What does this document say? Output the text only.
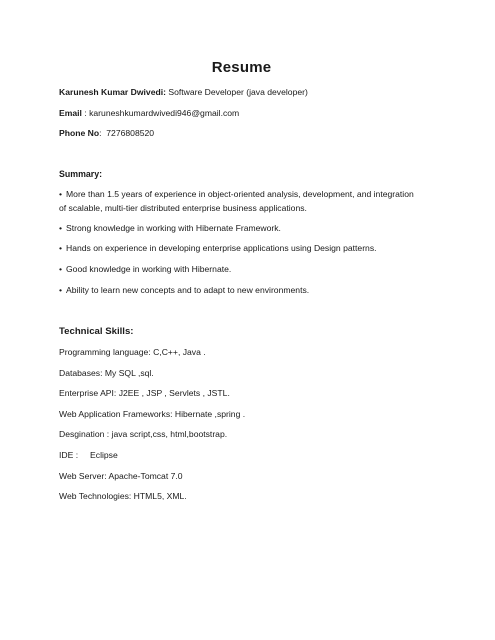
Resume
Karunesh Kumar Dwivedi: Software Developer (java developer)
Email : karuneshkumardwivedi946@gmail.com
Phone No:  7276808520
Summary:
• More than 1.5 years of experience in object-oriented analysis, development, and integration of scalable, multi-tier distributed enterprise business applications.
• Strong knowledge in working with Hibernate Framework.
• Hands on experience in developing enterprise applications using Design patterns.
• Good knowledge in working with Hibernate.
• Ability to learn new concepts and to adapt to new environments.
Technical Skills:
Programming language: C,C++, Java .
Databases: My SQL ,sql.
Enterprise API: J2EE , JSP , Servlets , JSTL.
Web Application Frameworks: Hibernate ,spring .
Desgination : java script,css, html,bootstrap.
IDE :     Eclipse
Web Server: Apache-Tomcat 7.0
Web Technologies: HTML5, XML.
